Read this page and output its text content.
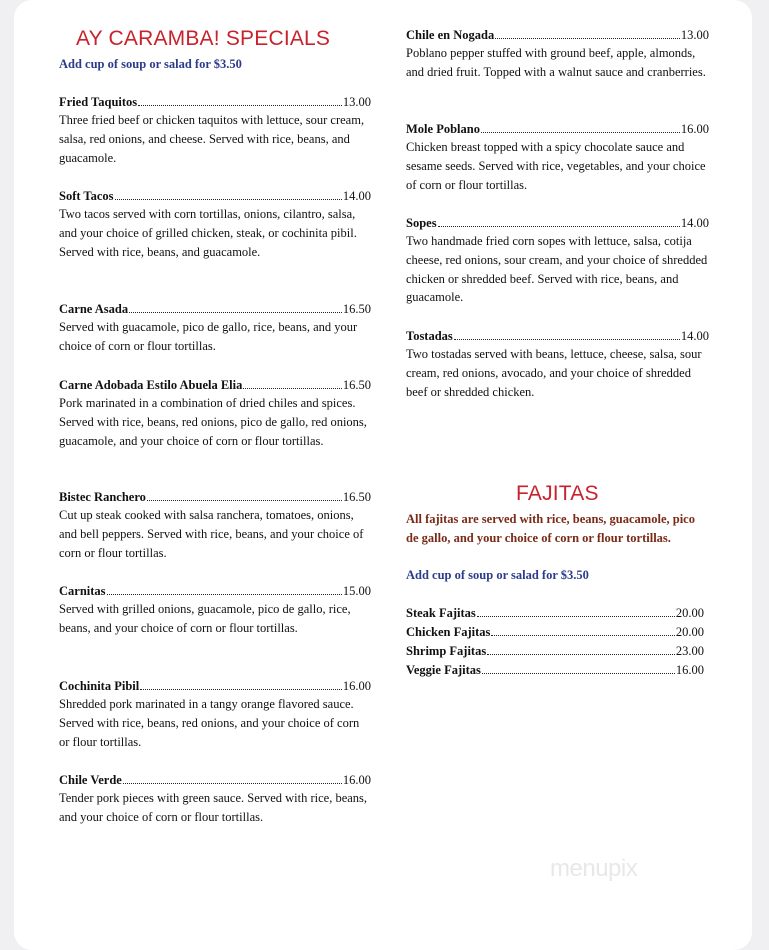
AY CARAMBA! SPECIALS
Add cup of soup or salad for $3.50
Fried Taquitos	13.00
Three fried beef or chicken taquitos with lettuce, sour cream, salsa, red onions, and cheese. Served with rice, beans, and guacamole.
Soft Tacos	14.00
Two tacos served with corn tortillas, onions, cilantro, salsa, and your choice of grilled chicken, steak, or cochinita pibil. Served with rice, beans, and guacamole.
Carne Asada	16.50
Served with guacamole, pico de gallo, rice, beans, and your choice of corn or flour tortillas.
Carne Adobada Estilo Abuela Elia	16.50
Pork marinated in a combination of dried chiles and spices. Served with rice, beans, red onions, pico de gallo, red onions, guacamole, and your choice of corn or flour tortillas.
Bistec Ranchero	16.50
Cut up steak cooked with salsa ranchera, tomatoes, onions, and bell peppers. Served with rice, beans, and your choice of corn or flour tortillas.
Carnitas	15.00
Served with grilled onions, guacamole, pico de gallo, rice, beans, and your choice of corn or flour tortillas.
Cochinita Pibil	16.00
Shredded pork marinated in a tangy orange flavored sauce. Served with rice, beans, red onions, and your choice of corn or flour tortillas.
Chile Verde	16.00
Tender pork pieces with green sauce. Served with rice, beans, and your choice of corn or flour tortillas.
Chile en Nogada	13.00
Poblano pepper stuffed with ground beef, apple, almonds, and dried fruit. Topped with a walnut sauce and cranberries.
Mole Poblano	16.00
Chicken breast topped with a spicy chocolate sauce and sesame seeds. Served with rice, vegetables, and your choice of corn or flour tortillas.
Sopes	14.00
Two handmade fried corn sopes with lettuce, salsa, cotija cheese, red onions, sour cream, and your choice of shredded chicken or shredded beef. Served with rice, beans, and guacamole.
Tostadas	14.00
Two tostadas served with beans, lettuce, cheese, salsa, sour cream, red onions, avocado, and your choice of shredded beef or shredded chicken.
FAJITAS
All fajitas are served with rice, beans, guacamole, pico de gallo, and your choice of corn or flour tortillas.
Add cup of soup or salad for $3.50
Steak Fajitas	20.00
Chicken Fajitas	20.00
Shrimp Fajitas	23.00
Veggie Fajitas	16.00
menupix
